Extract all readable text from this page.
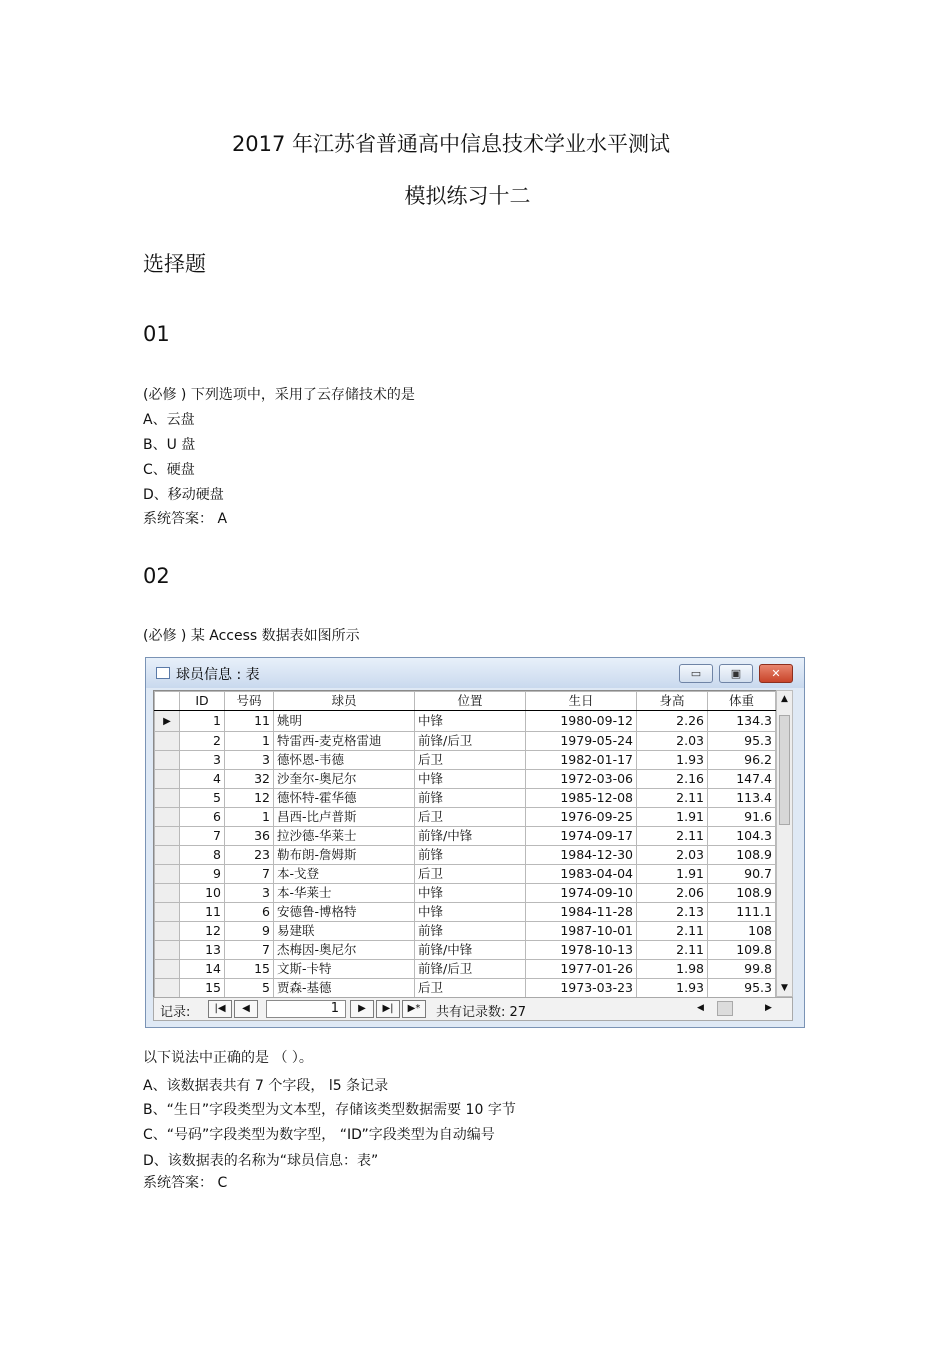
2017 年江苏省普通高中信息技术学业水平测试
模拟练习十二
选择题
01
(必修 ) 下列选项中，采用了云存储技术的是
A、云盘
B、U 盘
C、硬盘
D、移动硬盘
系统答案： A
02
(必修 ) 某 Access 数据表如图所示
球员信息 : 表	▭	▣	✕
	ID	号码	球员	位置	生日	身高	体重
▶	1	11	姚明	中锋	1980-09-12	2.26	134.3
	2	1	特雷西-麦克格雷迪	前锋/后卫	1979-05-24	2.03	95.3
	3	3	德怀恩-韦德	后卫	1982-01-17	1.93	96.2
	4	32	沙奎尔-奥尼尔	中锋	1972-03-06	2.16	147.4
	5	12	德怀特-霍华德	前锋	1985-12-08	2.11	113.4
	6	1	昌西-比卢普斯	后卫	1976-09-25	1.91	91.6
	7	36	拉沙德-华莱士	前锋/中锋	1974-09-17	2.11	104.3
	8	23	勒布朗-詹姆斯	前锋	1984-12-30	2.03	108.9
	9	7	本-戈登	后卫	1983-04-04	1.91	90.7
	10	3	本-华莱士	中锋	1974-09-10	2.06	108.9
	11	6	安德鲁-博格特	中锋	1984-11-28	2.13	111.1
	12	9	易建联	前锋	1987-10-01	2.11	108
	13	7	杰梅因-奥尼尔	前锋/中锋	1978-10-13	2.11	109.8
	14	15	文斯-卡特	前锋/后卫	1977-01-26	1.98	99.8
	15	5	贾森-基德	后卫	1973-03-23	1.93	95.3
▲
▼
记录:	|◀	◀	1	▶	▶|	▶*	共有记录数: 27	◀	▶
以下说法中正确的是 （ ）。
A、该数据表共有 7 个字段， l5 条记录
B、“生日”字段类型为文本型，存储该类型数据需要 10 字节
C、“号码”字段类型为数字型， “ID”字段类型为自动编号
D、该数据表的名称为“球员信息：表”
系统答案： C
